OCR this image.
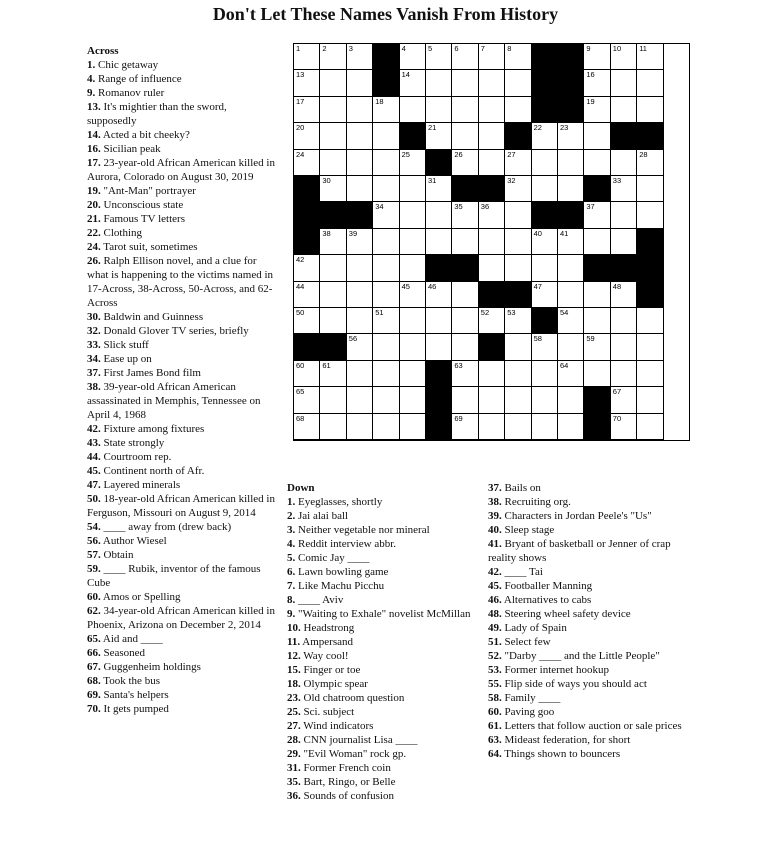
Don't Let These Names Vanish From History
Across
1. Chic getaway
4. Range of influence
9. Romanov ruler
13. It's mightier than the sword, supposedly
14. Acted a bit cheeky?
16. Sicilian peak
17. 23-year-old African American killed in Aurora, Colorado on August 30, 2019
19. "Ant-Man" portrayer
20. Unconscious state
21. Famous TV letters
22. Clothing
24. Tarot suit, sometimes
26. Ralph Ellison novel, and a clue for what is happening to the victims named in 17-Across, 38-Across, 50-Across, and 62-Across
30. Baldwin and Guinness
32. Donald Glover TV series, briefly
33. Slick stuff
34. Ease up on
37. First James Bond film
38. 39-year-old African American assassinated in Memphis, Tennessee on April 4, 1968
42. Fixture among fixtures
43. State strongly
44. Courtroom rep.
45. Continent north of Afr.
47. Layered minerals
50. 18-year-old African American killed in Ferguson, Missouri on August 9, 2014
54. ____ away from (drew back)
56. Author Wiesel
57. Obtain
59. ____ Rubik, inventor of the famous Cube
60. Amos or Spelling
62. 34-year-old African American killed in Phoenix, Arizona on December 2, 2014
65. Aid and ____
66. Seasoned
67. Guggenheim holdings
68. Took the bus
69. Santa's helpers
70. It gets pumped
Down
1. Eyeglasses, shortly
2. Jai alai ball
3. Neither vegetable nor mineral
4. Reddit interview abbr.
5. Comic Jay ____
6. Lawn bowling game
7. Like Machu Picchu
8. ____ Aviv
9. "Waiting to Exhale" novelist McMillan
10. Headstrong
11. Ampersand
12. Way cool!
15. Finger or toe
18. Olympic spear
23. Old chatroom question
25. Sci. subject
27. Wind indicators
28. CNN journalist Lisa ____
29. "Evil Woman" rock gp.
31. Former French coin
35. Bart, Ringo, or Belle
36. Sounds of confusion
37. Bails on
38. Recruiting org.
39. Characters in Jordan Peele's "Us"
40. Sleep stage
41. Bryant of basketball or Jenner of crap reality shows
42. ____ Tai
45. Footballer Manning
46. Alternatives to cabs
48. Steering wheel safety device
49. Lady of Spain
51. Select few
52. "Darby ____ and the Little People"
53. Former internet hookup
55. Flip side of ways you should act
58. Family ____
60. Paving goo
61. Letters that follow auction or sale prices
63. Mideast federation, for short
64. Things shown to bouncers
1	2	3	4	5	6	7	8	9	10 11
13	14	16
17	18	19
20	21	22 23
24	25	26	27	28
30	31	32	33
34	35 36	37
38 39	40 41
42
44	45 46	47	48
50	51	52 53	54
56	58	59
60 61	63	64
65	67
68	69	70
